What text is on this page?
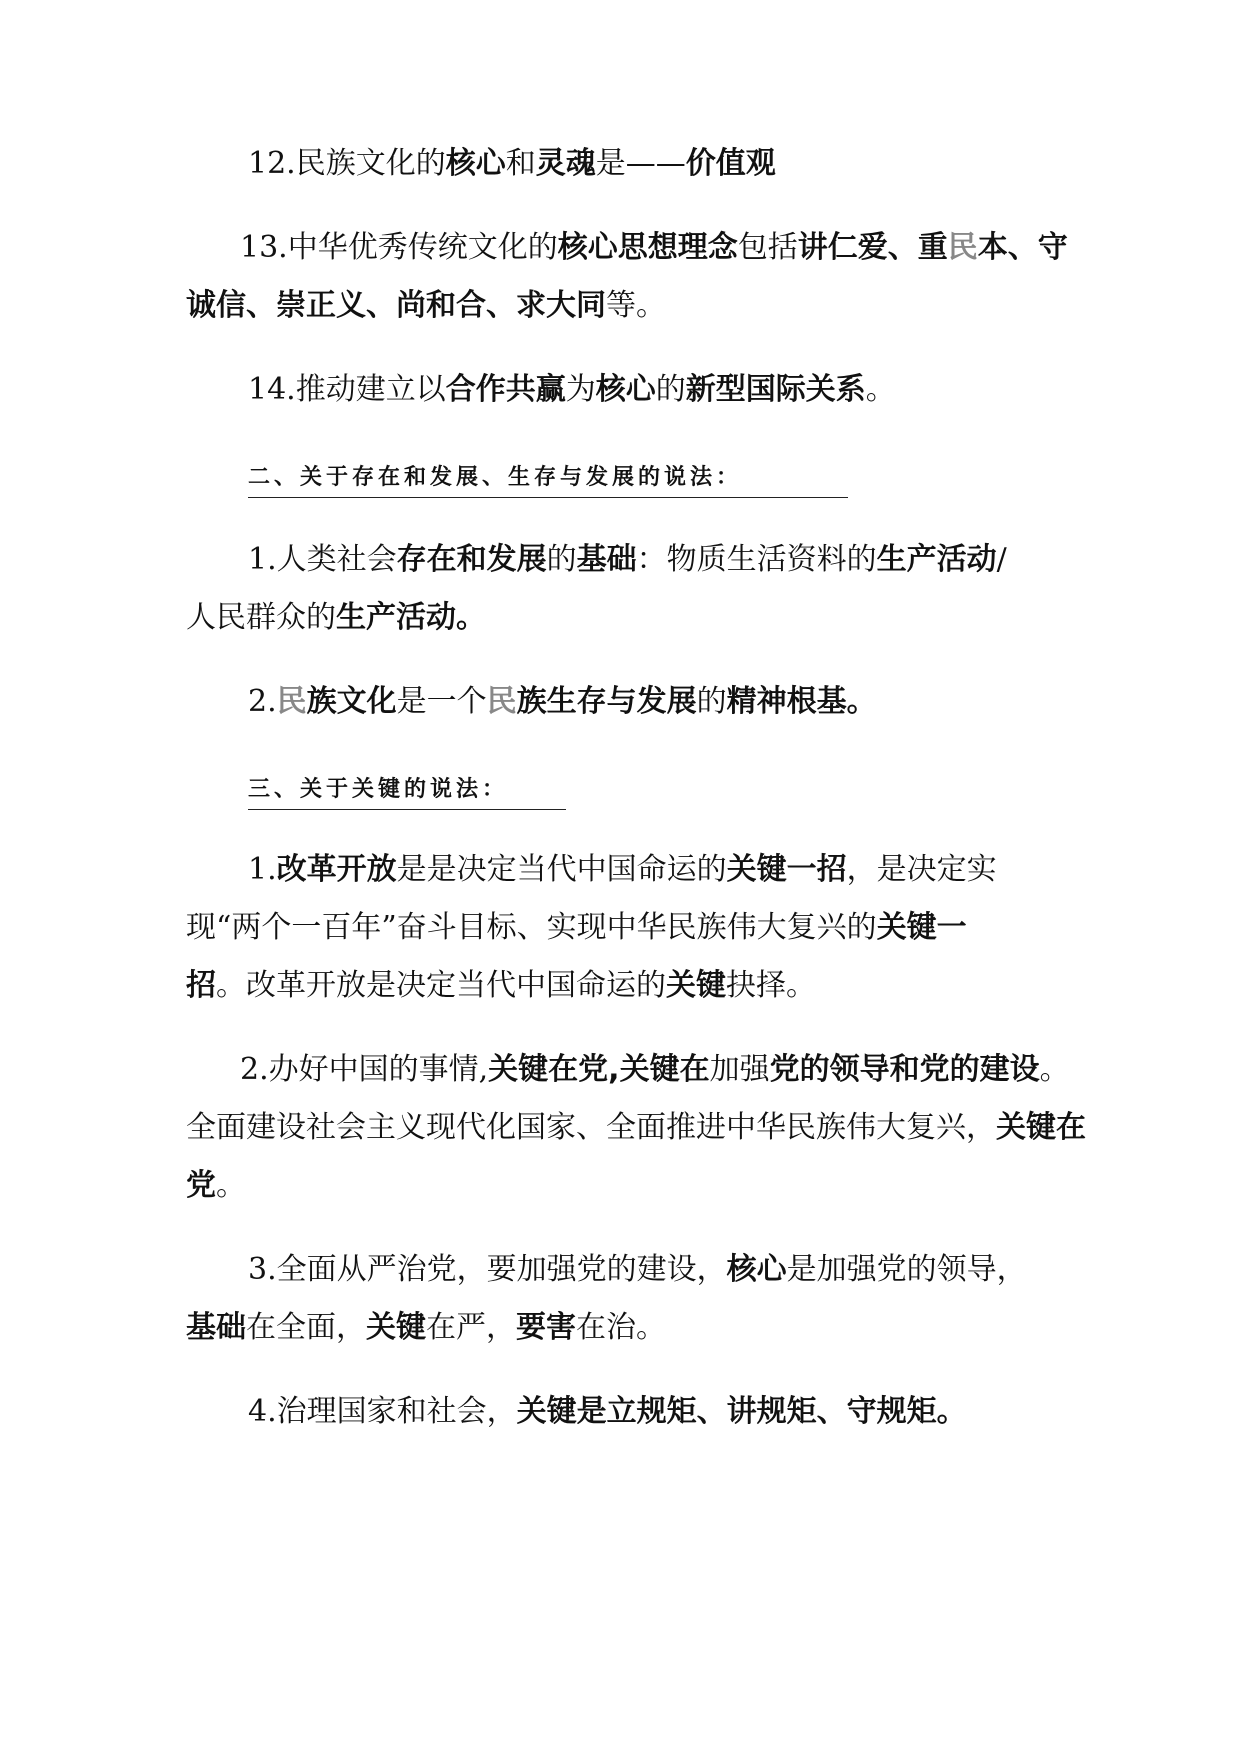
12.民族文化的核心和灵魂是——价值观
13.中华优秀传统文化的核心思想理念包括讲仁爱、重民本、守
诚信、崇正义、尚和合、求大同等。
14.推动建立以合作共赢为核心的新型国际关系。
二、关于存在和发展、生存与发展的说法：
1.人类社会存在和发展的基础：物质生活资料的生产活动/
人民群众的生产活动。
2.民族文化是一个民族生存与发展的精神根基。
三、关于关键的说法：
1.改革开放是是决定当代中国命运的关键一招，是决定实
现“两个一百年”奋斗目标、实现中华民族伟大复兴的关键一
招。改革开放是决定当代中国命运的关键抉择。
2.办好中国的事情,关键在党,关键在加强党的领导和党的建设。
全面建设社会主义现代化国家、全面推进中华民族伟大复兴，关键在
党。
3.全面从严治党，要加强党的建设，核心是加强党的领导，
基础在全面，关键在严，要害在治。
4.治理国家和社会，关键是立规矩、讲规矩、守规矩。
